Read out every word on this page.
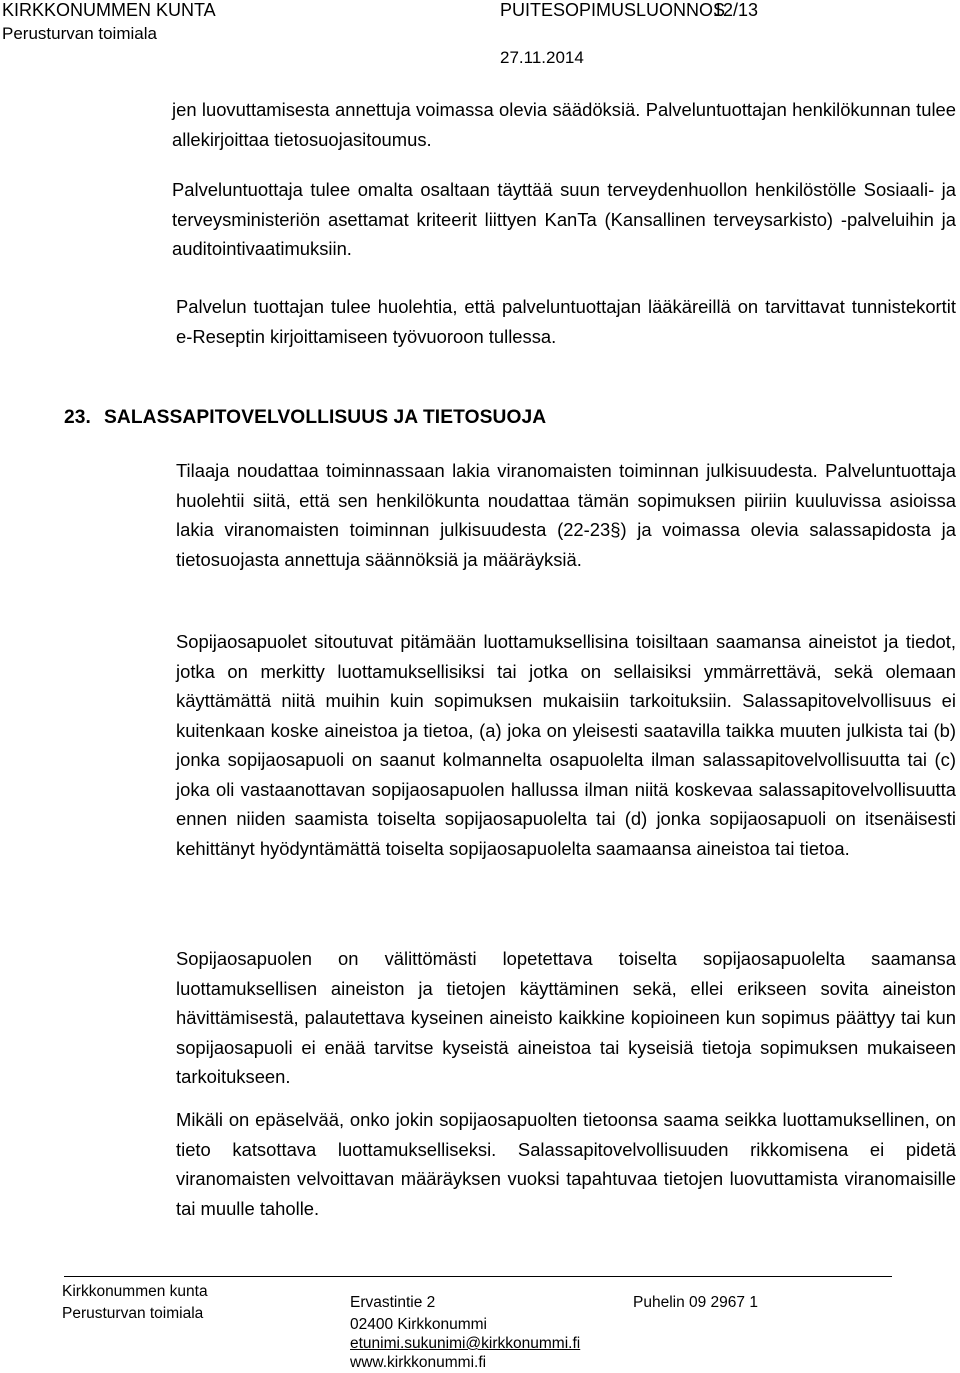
KIRKKONUMMEN KUNTA
Perusturvan toimiala
PUITESOPIMUSLUONNOS
12/13
27.11.2014
jen luovuttamisesta annettuja voimassa olevia säädöksiä. Palveluntuottajan henkilökunnan tulee allekirjoittaa tietosuojasitoumus.
Palveluntuottaja tulee omalta osaltaan täyttää suun terveydenhuollon henkilöstölle Sosiaali- ja terveysministeriön asettamat kriteerit liittyen KanTa (Kansallinen terveysarkisto) -palveluihin ja auditointivaatimuksiin.
Palvelun tuottajan tulee huolehtia, että palveluntuottajan lääkäreillä on tarvittavat tunnistekortit e-Reseptin kirjoittamiseen työvuoroon tullessa.
23. SALASSAPITOVELVOLLISUUS JA TIETOSUOJA
Tilaaja noudattaa toiminnassaan lakia viranomaisten toiminnan julkisuudesta. Palveluntuottaja huolehtii siitä, että sen henkilökunta noudattaa tämän sopimuksen piiriin kuuluvissa asioissa lakia viranomaisten toiminnan julkisuudesta (22-23§) ja voimassa olevia salassapidosta ja tietosuojasta annettuja säännöksiä ja määräyksiä.
Sopijaosapuolet sitoutuvat pitämään luottamuksellisina toisiltaan saamansa aineistot ja tiedot, jotka on merkitty luottamuksellisiksi tai jotka on sellaisiksi ymmärrettävä, sekä olemaan käyttämättä niitä muihin kuin sopimuksen mukaisiin tarkoituksiin. Salassapitovelvollisuus ei kuitenkaan koske aineistoa ja tietoa, (a) joka on yleisesti saatavilla taikka muuten julkista tai (b) jonka sopijaosapuoli on saanut kolmannelta osapuolelta ilman salassapitovelvollisuutta tai (c) joka oli vastaanottavan sopijaosapuolen hallussa ilman niitä koskevaa salassapitovelvollisuutta ennen niiden saamista toiselta sopijaosapuolelta tai (d) jonka sopijaosapuoli on itsenäisesti kehittänyt hyödyntämättä toiselta sopijaosapuolelta saamaansa aineistoa tai tietoa.
Sopijaosapuolen on välittömästi lopetettava toiselta sopijaosapuolelta saamansa luottamuksellisen aineiston ja tietojen käyttäminen sekä, ellei erikseen sovita aineiston hävittämisestä, palautettava kyseinen aineisto kaikkine kopioineen kun sopimus päättyy tai kun sopijaosapuoli ei enää tarvitse kyseistä aineistoa tai kyseisiä tietoja sopimuksen mukaiseen tarkoitukseen.
Mikäli on epäselvää, onko jokin sopijaosapuolten tietoonsa saama seikka luottamuksellinen, on tieto katsottava luottamukselliseksi. Salassapitovelvollisuuden rikkomisena ei pidetä viranomaisten velvoittavan määräyksen vuoksi tapahtuvaa tietojen luovuttamista viranomaisille tai muulle taholle.
Kirkkonummen kunta
Perusturvan toimiala
Ervastintie 2
02400 Kirkkonummi
etunimi.sukunimi@kirkkonummi.fi
www.kirkkonummi.fi
Puhelin 09 2967 1
